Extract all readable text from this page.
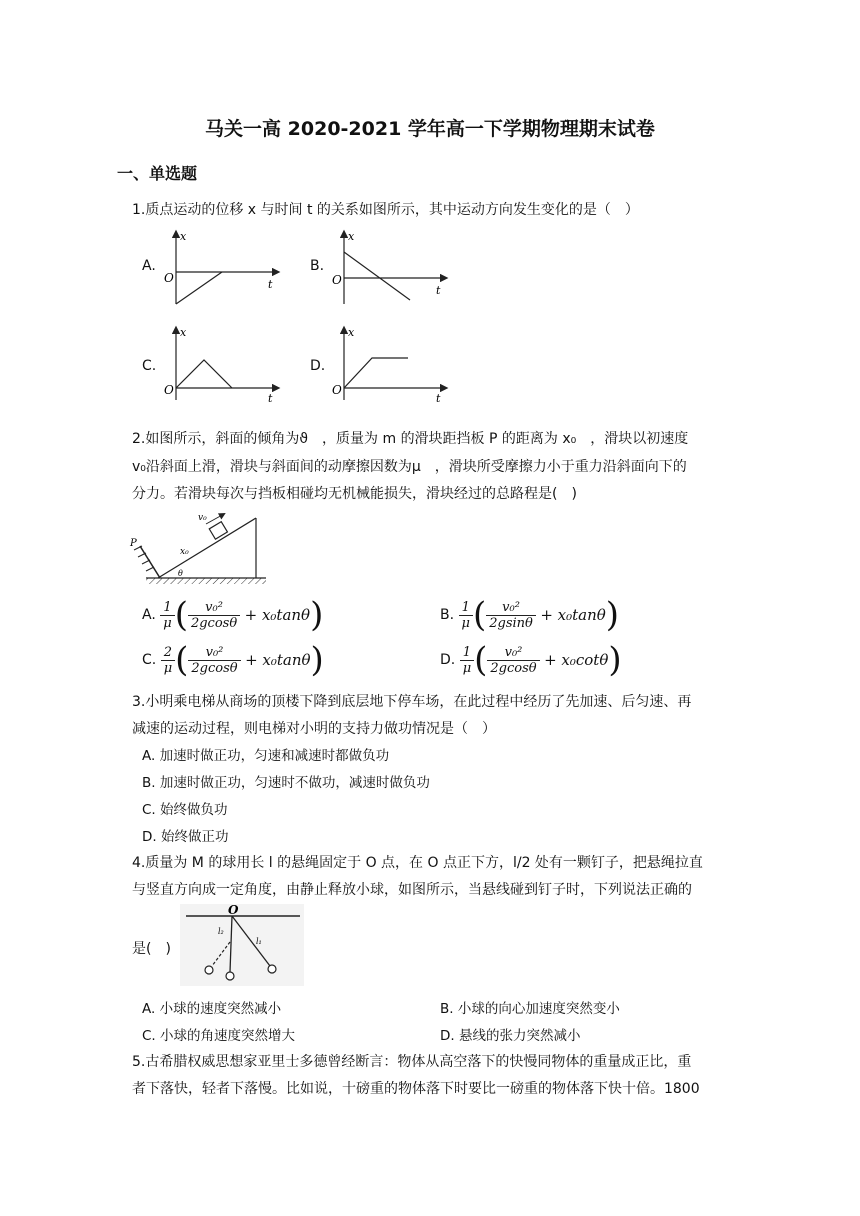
马关一高 2020-2021 学年高一下学期物理期末试卷
一、单选题
1.质点运动的位移 x 与时间 t 的关系如图所示，其中运动方向发生变化的是（　）
A.
x
O	t
B.
x
O
t
C.
x
O
t
D.
x
O
t
2.如图所示，斜面的倾角为ϑ　，质量为 m 的滑块距挡板 P 的距离为 x₀　，滑块以初速度
v₀沿斜面上滑，滑块与斜面间的动摩擦因数为μ　，滑块所受摩擦力小于重力沿斜面向下的
分力。若滑块每次与挡板相碰均无机械能损失，滑块经过的总路程是(　)
v₀
x₀
θ
P
A. $\frac{1}{\mu}$ ( $\frac{\text{v₀²}}{2gcos\theta} + x_0\tan\theta$)	B. $\frac{1}{\mu}$ ( $\frac{\text{v₀²}}{2gsin\theta} + x_0\tan\theta$)
C. $\frac{2}{\mu}$ ( $\frac{\text{v₀²}}{2gcos\theta} + x_0\tan\theta$)	D. $\frac{1}{\mu}$ ( $\frac{\text{v₀²}}{2gcos\theta} + x_0\cot\theta$)
3.小明乘电梯从商场的顶楼下降到底层地下停车场，在此过程中经历了先加速、后匀速、再
减速的运动过程，则电梯对小明的支持力做功情况是（　）
A. 加速时做正功，匀速和减速时都做负功
B. 加速时做正功，匀速时不做功，减速时做负功
C. 始终做负功
D. 始终做正功
4.质量为 M 的球用长 l 的悬绳固定于 O 点，在 O 点正下方，l/2 处有一颗钉子，把悬绳拉直
与竖直方向成一定角度，由静止释放小球，如图所示，当悬线碰到钉子时，下列说法正确的
是(　)
O
l₂
l₁
A. 小球的速度突然减小	B. 小球的向心加速度突然变小
C. 小球的角速度突然增大	D. 悬线的张力突然减小
5.古希腊权威思想家亚里士多德曾经断言：物体从高空落下的快慢同物体的重量成正比，重
者下落快，轻者下落慢。比如说，十磅重的物体落下时要比一磅重的物体落下快十倍。1800
